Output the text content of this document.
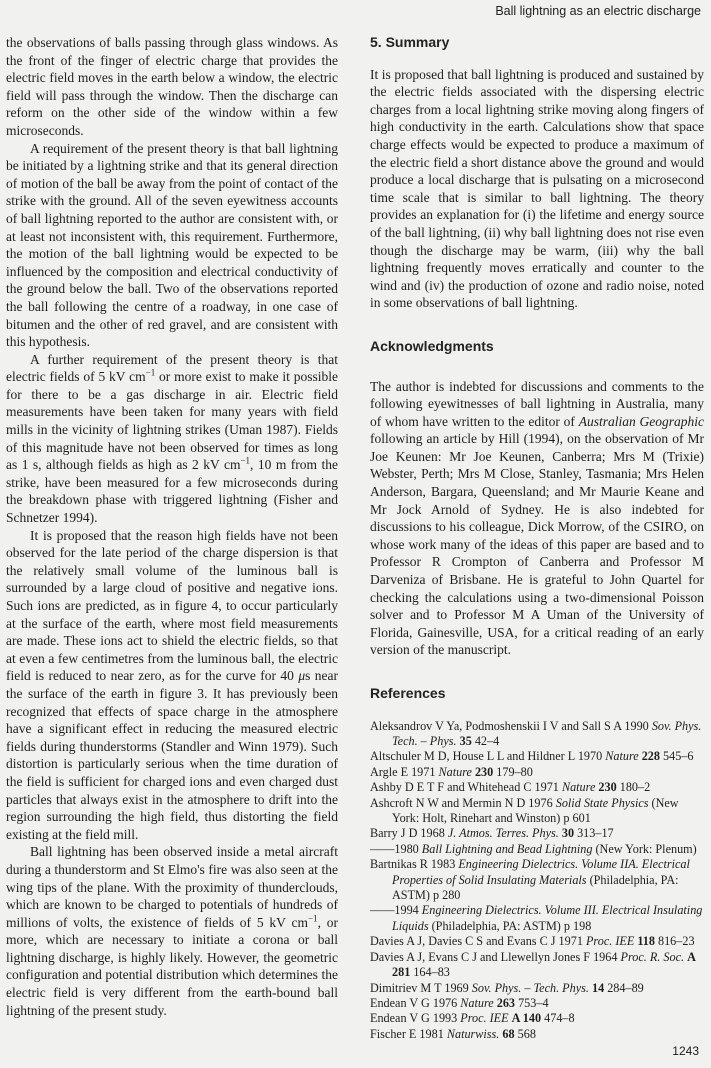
Ball lightning as an electric discharge

the observations of balls passing through glass windows. As the front of the finger of electric charge that provides the electric field moves in the earth below a window, the electric field will pass through the window. Then the discharge can reform on the other side of the window within a few microseconds.

A requirement of the present theory is that ball lightning be initiated by a lightning strike and that its general direction of motion of the ball be away from the point of contact of the strike with the ground. All of the seven eyewitness accounts of ball lightning reported to the author are consistent with, or at least not inconsistent with, this requirement. Furthermore, the motion of the ball lightning would be expected to be influenced by the composition and electrical conductivity of the ground below the ball. Two of the observations reported the ball following the centre of a roadway, in one case of bitumen and the other of red gravel, and are consistent with this hypothesis.

A further requirement of the present theory is that electric fields of 5 kV $cm^{-1}$ or more exist to make it possible for there to be a gas discharge in air. Electric field measurements have been taken for many years with field mills in the vicinity of lightning strikes (Uman 1987). Fields of this magnitude have not been observed for times as long as 1 s, although fields as high as 2 kV $cm^{-1}$, 10 m from the strike, have been measured for a few microseconds during the breakdown phase with triggered lightning (Fisher and Schnetzer 1994).

It is proposed that the reason high fields have not been observed for the late period of the charge dispersion is that the relatively small volume of the luminous ball is surrounded by a large cloud of positive and negative ions. Such ions are predicted, as in figure 4, to occur particularly at the surface of the earth, where most field measurements are made. These ions act to shield the electric fields, so that at even a few centimetres from the luminous ball, the electric field is reduced to near zero, as for the curve for 40 μs near the surface of the earth in figure 3. It has previously been recognized that effects of space charge in the atmosphere have a significant effect in reducing the measured electric fields during thunderstorms (Standler and Winn 1979). Such distortion is particularly serious when the time duration of the field is sufficient for charged ions and even charged dust particles that always exist in the atmosphere to drift into the region surrounding the high field, thus distorting the field existing at the field mill.

Ball lightning has been observed inside a metal aircraft during a thunderstorm and St Elmo's fire was also seen at the wing tips of the plane. With the proximity of thunderclouds, which are known to be charged to potentials of hundreds of millions of volts, the existence of fields of 5 kV $cm^{-1}$, or more, which are necessary to initiate a corona or ball lightning discharge, is highly likely. However, the geometric configuration and potential distribution which determines the electric field is very different from the earth-bound ball lightning of the present study.

5. Summary

It is proposed that ball lightning is produced and sustained by the electric fields associated with the dispersing electric charges from a local lightning strike moving along fingers of high conductivity in the earth. Calculations show that space charge effects would be expected to produce a maximum of the electric field a short distance above the ground and would produce a local discharge that is pulsating on a microsecond time scale that is similar to ball lightning. The theory provides an explanation for (i) the lifetime and energy source of the ball lightning, (ii) why ball lightning does not rise even though the discharge may be warm, (iii) why the ball lightning frequently moves erratically and counter to the wind and (iv) the production of ozone and radio noise, noted in some observations of ball lightning.

Acknowledgments

The author is indebted for discussions and comments to the following eyewitnesses of ball lightning in Australia, many of whom have written to the editor of Australian Geographic following an article by Hill (1994), on the observation of Mr Joe Keunen: Mr Joe Keunen, Canberra; Mrs M (Trixie) Webster, Perth; Mrs M Close, Stanley, Tasmania; Mrs Helen Anderson, Bargara, Queensland; and Mr Maurie Keane and Mr Jock Arnold of Sydney. He is also indebted for discussions to his colleague, Dick Morrow, of the CSIRO, on whose work many of the ideas of this paper are based and to Professor R Crompton of Canberra and Professor M Darveniza of Brisbane. He is grateful to John Quartel for checking the calculations using a two-dimensional Poisson solver and to Professor M A Uman of the University of Florida, Gainesville, USA, for a critical reading of an early version of the manuscript.

References

Aleksandrov V Ya, Podmoshenskii I V and Sall S A 1990 Sov. Phys. Tech. – Phys. 35 42–4

Altschuler M D, House L L and Hildner L 1970 Nature 228 545–6

Argle E 1971 Nature 230 179–80

Ashby D E T F and Whitehead C 1971 Nature 230 180–2

Ashcroft N W and Mermin N D 1976 Solid State Physics (New York: Holt, Rinehart and Winston) p 601

Barry J D 1968 J. Atmos. Terres. Phys. 30 313–17

——1980 Ball Lightning and Bead Lightning (New York: Plenum)

Bartnikas R 1983 Engineering Dielectrics. Volume IIA. Electrical Properties of Solid Insulating Materials (Philadelphia, PA: ASTM) p 280

——1994 Engineering Dielectrics. Volume III. Electrical Insulating Liquids (Philadelphia, PA: ASTM) p 198

Davies A J, Davies C S and Evans C J 1971 Proc. IEE 118 816–23

Davies A J, Evans C J and Llewellyn Jones F 1964 Proc. R. Soc. A 281 164–83

Dimitriev M T 1969 Sov. Phys. – Tech. Phys. 14 284–89

Endean V G 1976 Nature 263 753–4

Endean V G 1993 Proc. IEE A 140 474–8

Fischer E 1981 Naturwiss. 68 568

1243
